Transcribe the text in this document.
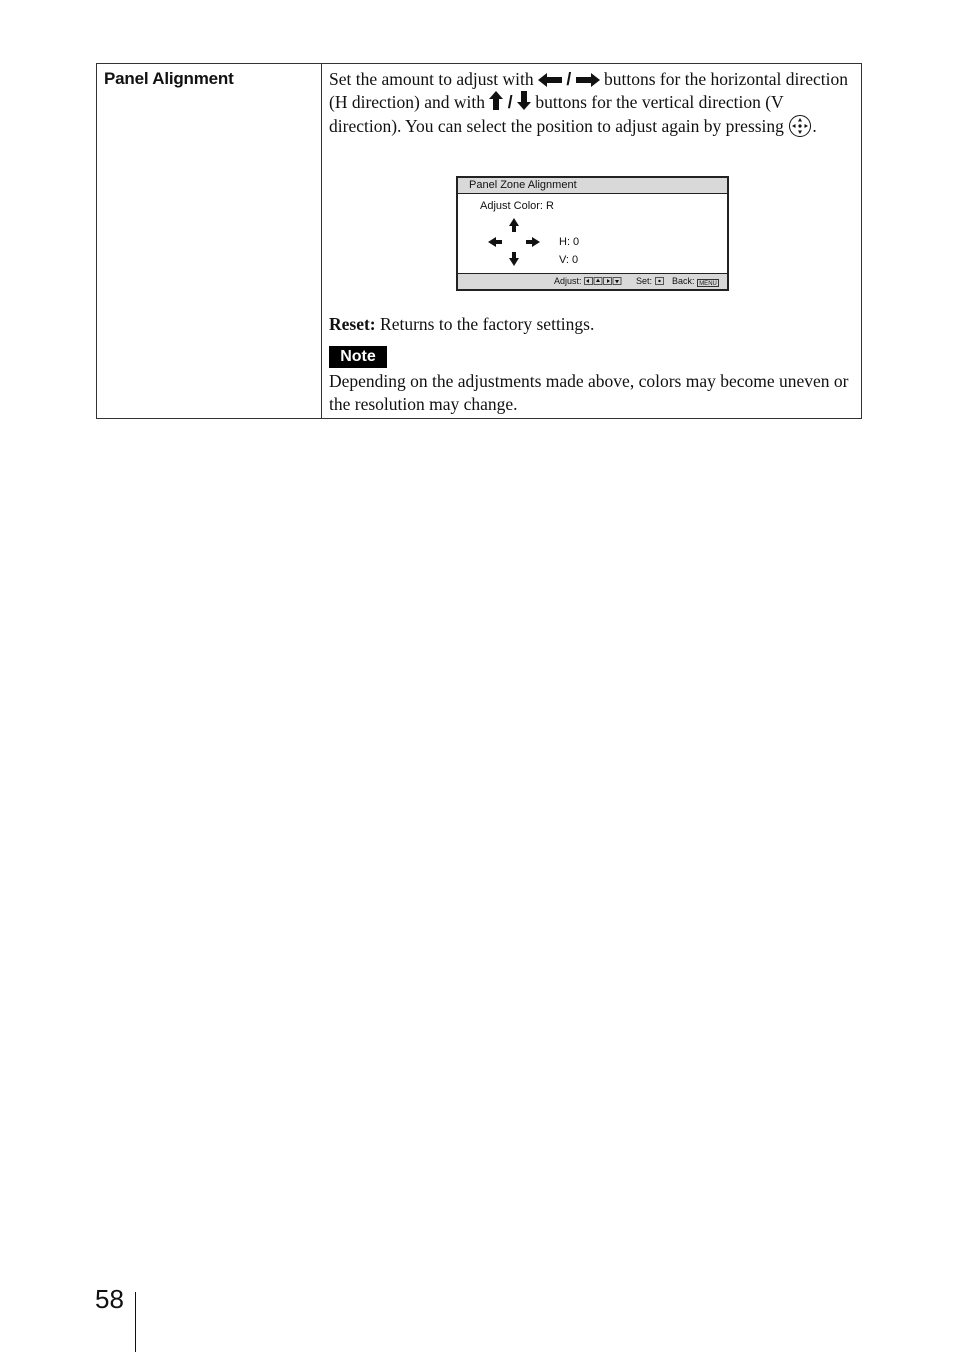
Panel Alignment	Set the amount to adjust with / buttons for the horizontal direction (H direction) and with / buttons for the vertical direction (V direction). You can select the position to adjust again by pressing .

Panel Zone Alignment
Adjust Color: R
H: 0
V: 0
Adjust:	Set:	Back: MENU
Reset: Returns to the factory settings.
Note
Depending on the adjustments made above, colors may become uneven or the resolution may change.
58
